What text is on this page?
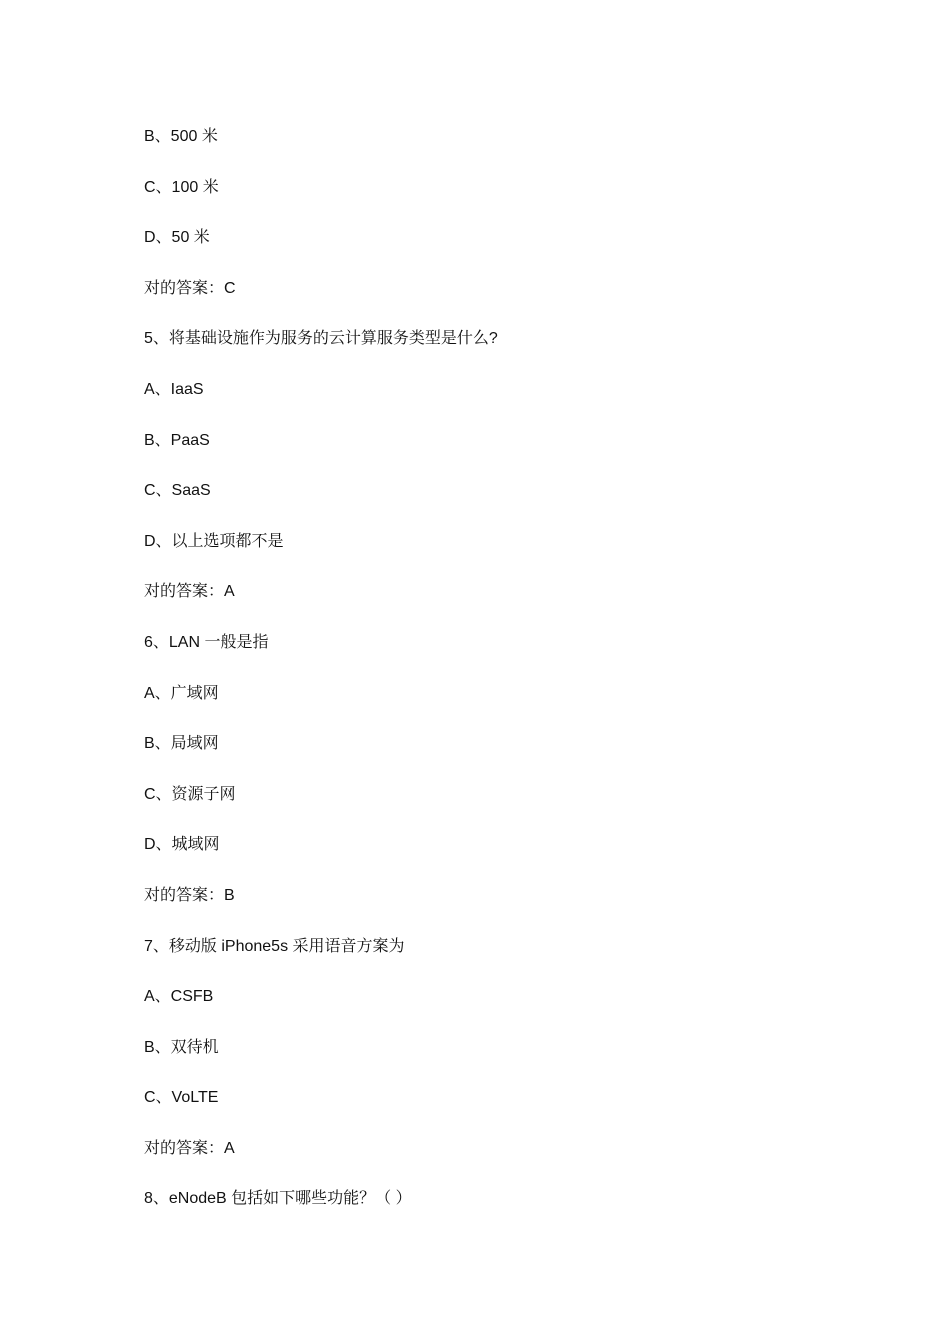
B、500 米
C、100 米
D、50 米
对的答案：C
5、将基础设施作为服务的云计算服务类型是什么?
A、IaaS
B、PaaS
C、SaaS
D、以上选项都不是
对的答案：A
6、LAN 一般是指
A、广域网
B、局域网
C、资源子网
D、城域网
对的答案：B
7、移动版 iPhone5s 采用语音方案为
A、CSFB
B、双待机
C、VoLTE
对的答案：A
8、eNodeB 包括如下哪些功能？（ ）
